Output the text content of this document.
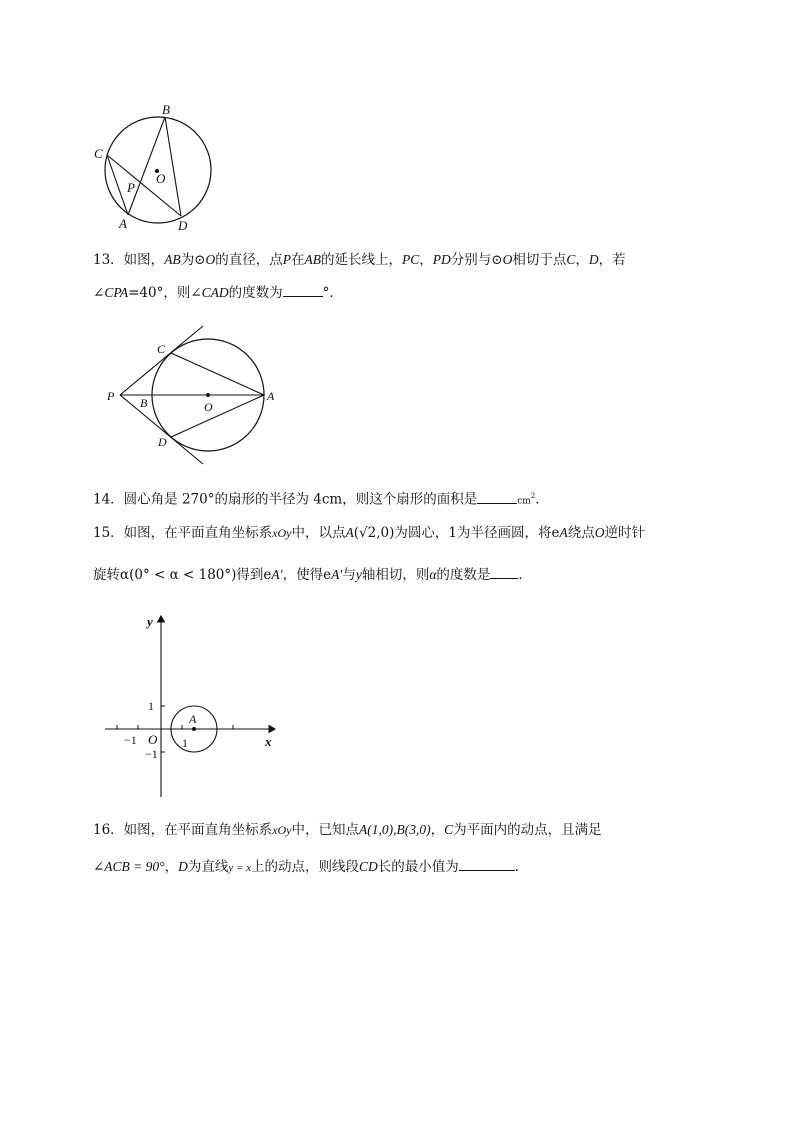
B
C
P
O
A	D
13．如图，AB为⊙O的直径，点P在AB的延长线上，PC，PD分别与⊙O相切于点C，D，若
∠CPA=40°，则∠CAD的度数为	°．
C
P B	O
A
D
14．圆心角是 270°的扇形的半径为 4cm，则这个扇形的面积是	$cm^2$．
15．如图，在平面直角坐标系xOy中，以点A(√2,0)为圆心，1为半径画圆，将eA绕点O逆时针
旋转α(0° < α < 180°)得到eA′，使得eA′与y轴相切，则α的度数是 ．
y
x
1
−1 O 1
−1
A
16．如图，在平面直角坐标系xOy中，已知点A(1,0),B(3,0)，C为平面内的动点，且满足
∠ACB = 90°，D为直线y = x上的动点，则线段CD长的最小值为	.
